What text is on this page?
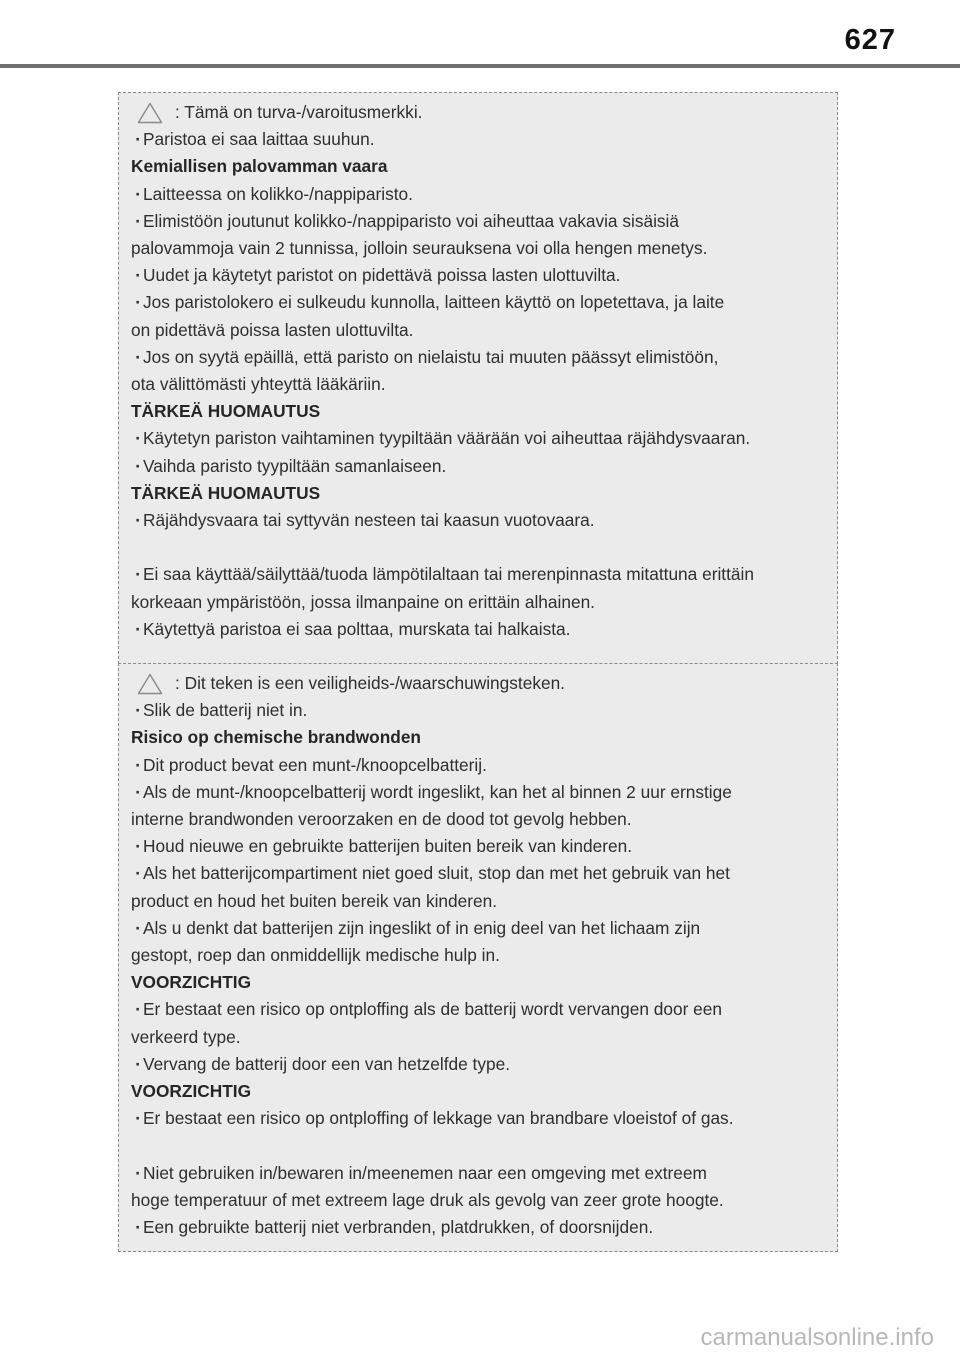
627
: Tämä on turva-/varoitusmerkki.
· Paristoa ei saa laittaa suuhun.
Kemiallisen palovamman vaara
· Laitteessa on kolikko-/nappiparisto.
· Elimistöön joutunut kolikko-/nappiparisto voi aiheuttaa vakavia sisäisiä
palovammoja vain 2 tunnissa, jolloin seurauksena voi olla hengen menetys.
· Uudet ja käytetyt paristot on pidettävä poissa lasten ulottuvilta.
· Jos paristolokero ei sulkeudu kunnolla, laitteen käyttö on lopetettava, ja laite
on pidettävä poissa lasten ulottuvilta.
· Jos on syytä epäillä, että paristo on nielaistu tai muuten päässyt elimistöön,
ota välittömästi yhteyttä lääkäriin.
TÄRKEÄ HUOMAUTUS
· Käytetyn pariston vaihtaminen tyypiltään väärään voi aiheuttaa räjähdysvaaran.
· Vaihda paristo tyypiltään samanlaiseen.
TÄRKEÄ HUOMAUTUS
· Räjähdysvaara tai syttyvän nesteen tai kaasun vuotovaara.
· Ei saa käyttää/säilyttää/tuoda lämpötilaltaan tai merenpinnasta mitattuna erittäin
korkeaan ympäristöön, jossa ilmanpaine on erittäin alhainen.
· Käytettyä paristoa ei saa polttaa, murskata tai halkaista.
: Dit teken is een veiligheids-/waarschuwingsteken.
· Slik de batterij niet in.
Risico op chemische brandwonden
· Dit product bevat een munt-/knoopcelbatterij.
· Als de munt-/knoopcelbatterij wordt ingeslikt, kan het al binnen 2 uur ernstige
interne brandwonden veroorzaken en de dood tot gevolg hebben.
· Houd nieuwe en gebruikte batterijen buiten bereik van kinderen.
· Als het batterijcompartiment niet goed sluit, stop dan met het gebruik van het
product en houd het buiten bereik van kinderen.
· Als u denkt dat batterijen zijn ingeslikt of in enig deel van het lichaam zijn
gestopt, roep dan onmiddellijk medische hulp in.
VOORZICHTIG
· Er bestaat een risico op ontploffing als de batterij wordt vervangen door een
verkeerd type.
· Vervang de batterij door een van hetzelfde type.
VOORZICHTIG
· Er bestaat een risico op ontploffing of lekkage van brandbare vloeistof of gas.
· Niet gebruiken in/bewaren in/meenemen naar een omgeving met extreem
hoge temperatuur of met extreem lage druk als gevolg van zeer grote hoogte.
· Een gebruikte batterij niet verbranden, platdrukken, of doorsnijden.
carmanualsonline.info
